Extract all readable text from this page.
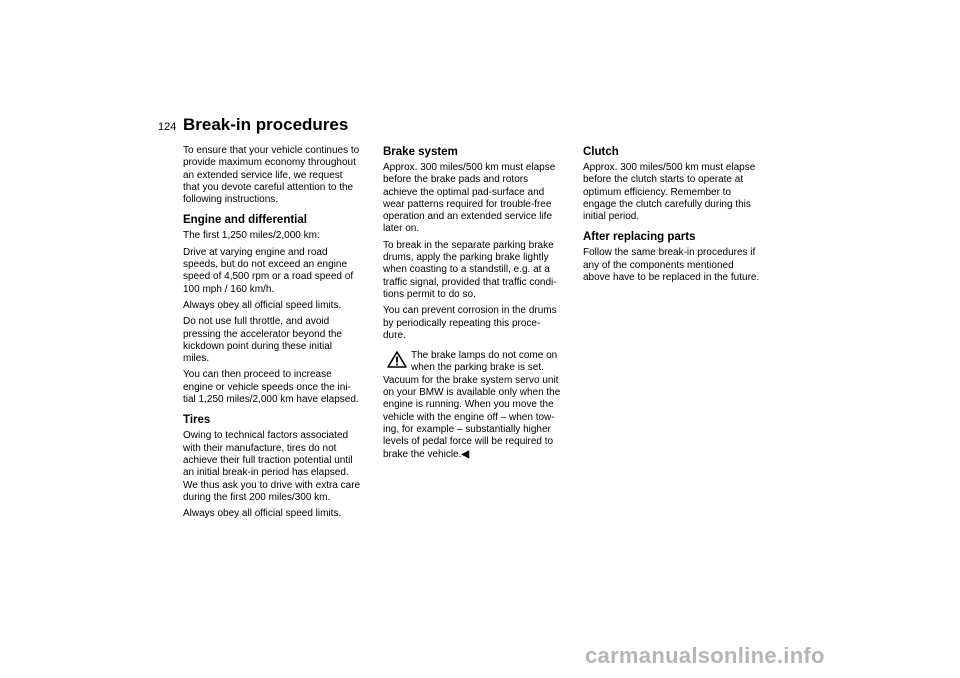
124 Break-in procedures

To ensure that your vehicle continues to
provide maximum economy throughout
an extended service life, we request
that you devote careful attention to the
following instructions.

Engine and differential

The first 1,250 miles/2,000 km:

Drive at varying engine and road
speeds, but do not exceed an engine
speed of 4,500 rpm or a road speed of
100 mph / 160 km/h.

Always obey all official speed limits.

Do not use full throttle, and avoid
pressing the accelerator beyond the
kickdown point during these initial
miles.

You can then proceed to increase
engine or vehicle speeds once the ini-
tial 1,250 miles/2,000 km have elapsed.

Tires

Owing to technical factors associated
with their manufacture, tires do not
achieve their full traction potential until
an initial break-in period has elapsed.
We thus ask you to drive with extra care
during the first 200 miles/300 km.

Always obey all official speed limits.

Brake system

Approx. 300 miles/500 km must elapse
before the brake pads and rotors
achieve the optimal pad-surface and
wear patterns required for trouble-free
operation and an extended service life
later on.

To break in the separate parking brake
drums, apply the parking brake lightly
when coasting to a standstill, e.g. at a
traffic signal, provided that traffic condi-
tions permit to do so.

You can prevent corrosion in the drums
by periodically repeating this proce-
dure.

The brake lamps do not come on
when the parking brake is set.
Vacuum for the brake system servo unit
on your BMW is available only when the
engine is running. When you move the
vehicle with the engine off – when tow-
ing, for example – substantially higher
levels of pedal force will be required to
brake the vehicle.◀
Clutch

Approx. 300 miles/500 km must elapse
before the clutch starts to operate at
optimum efficiency. Remember to
engage the clutch carefully during this
initial period.

After replacing parts

Follow the same break-in procedures if
any of the components mentioned
above have to be replaced in the future.

carmanualsonline.info
